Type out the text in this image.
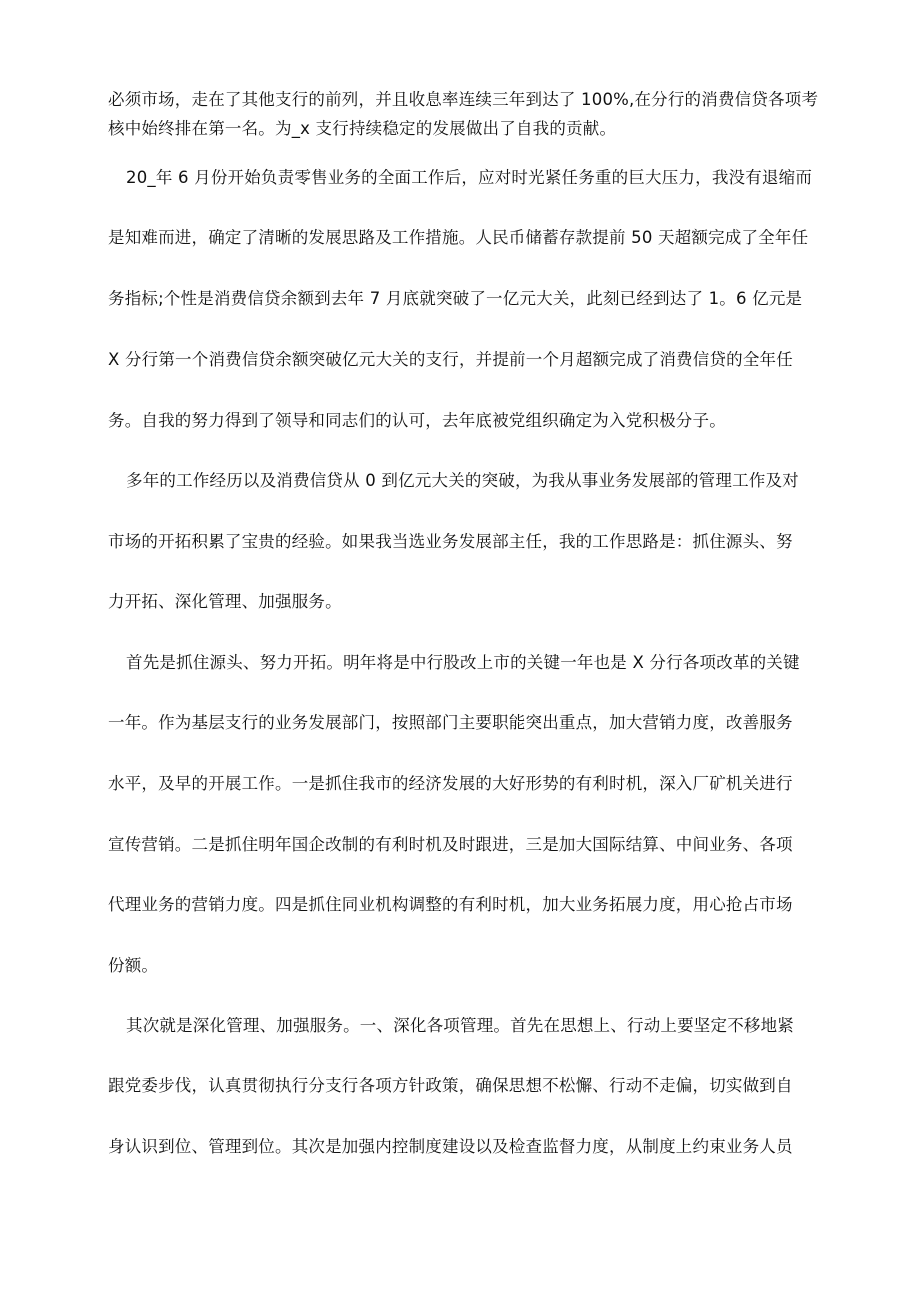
必须市场，走在了其他支行的前列，并且收息率连续三年到达了 100%,在分行的消费信贷各项考
核中始终排在第一名。为_x 支行持续稳定的发展做出了自我的贡献。
20_年 6 月份开始负责零售业务的全面工作后，应对时光紧任务重的巨大压力，我没有退缩而
是知难而进，确定了清晰的发展思路及工作措施。人民币储蓄存款提前 50 天超额完成了全年任
务指标;个性是消费信贷余额到去年 7 月底就突破了一亿元大关，此刻已经到达了 1。6 亿元是
X 分行第一个消费信贷余额突破亿元大关的支行，并提前一个月超额完成了消费信贷的全年任
务。自我的努力得到了领导和同志们的认可，去年底被党组织确定为入党积极分子。
多年的工作经历以及消费信贷从 0 到亿元大关的突破，为我从事业务发展部的管理工作及对
市场的开拓积累了宝贵的经验。如果我当选业务发展部主任，我的工作思路是：抓住源头、努
力开拓、深化管理、加强服务。
首先是抓住源头、努力开拓。明年将是中行股改上市的关键一年也是 X 分行各项改革的关键
一年。作为基层支行的业务发展部门，按照部门主要职能突出重点，加大营销力度，改善服务
水平，及早的开展工作。一是抓住我市的经济发展的大好形势的有利时机，深入厂矿机关进行
宣传营销。二是抓住明年国企改制的有利时机及时跟进，三是加大国际结算、中间业务、各项
代理业务的营销力度。四是抓住同业机构调整的有利时机，加大业务拓展力度，用心抢占市场
份额。
其次就是深化管理、加强服务。一、深化各项管理。首先在思想上、行动上要坚定不移地紧
跟党委步伐，认真贯彻执行分支行各项方针政策，确保思想不松懈、行动不走偏，切实做到自
身认识到位、管理到位。其次是加强内控制度建设以及检查监督力度，从制度上约束业务人员
